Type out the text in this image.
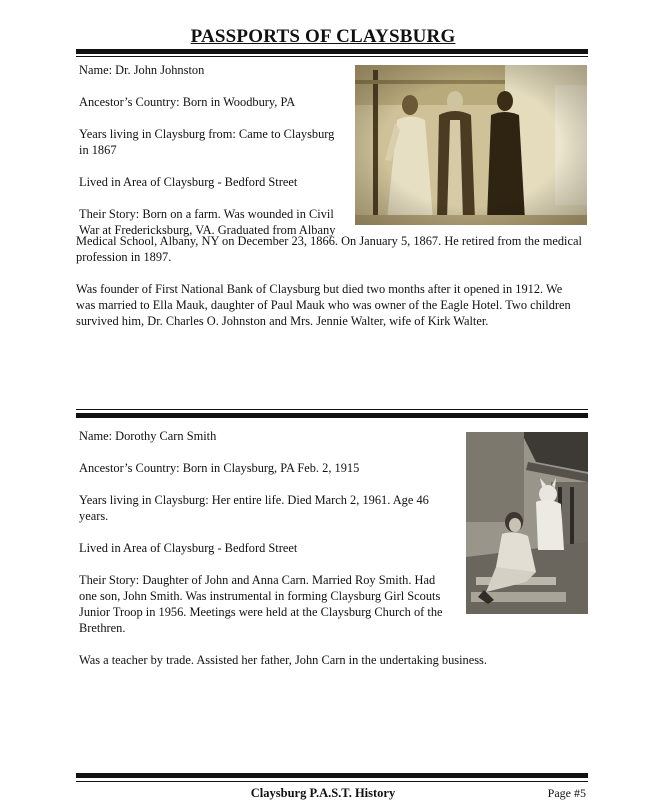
PASSPORTS OF CLAYSBURG

Name: Dr. John Johnston

Ancestor’s Country: Born in Woodbury, PA

Years living in Claysburg from: Came to Claysburg

in 1867

Lived in Area of Claysburg - Bedford Street

Their Story: Born on a farm. Was wounded in Civil

War at Fredericksburg, VA. Graduated from Albany

Medical School, Albany, NY on December 23, 1866. On January 5, 1867. He retired from the medical

profession in 1897.

Was founder of First National Bank of Claysburg but died two months after it opened in 1912. We

was married to Ella Mauk, daughter of Paul Mauk who was owner of the Eagle Hotel. Two children

survived him, Dr. Charles O. Johnston and Mrs. Jennie Walter, wife of Kirk Walter.

Name: Dorothy Carn Smith

Ancestor’s Country: Born in Claysburg, PA Feb. 2, 1915

Years living in Claysburg: Her entire life. Died March 2, 1961. Age 46

years.

Lived in Area of Claysburg - Bedford Street

Their Story: Daughter of John and Anna Carn. Married Roy Smith. Had

one son, John Smith. Was instrumental in forming Claysburg Girl Scouts

Junior Troop in 1956. Meetings were held at the Claysburg Church of the

Brethren.

Was a teacher by trade. Assisted her father, John Carn in the undertaking business.

Claysburg P.A.S.T. History	Page #5
